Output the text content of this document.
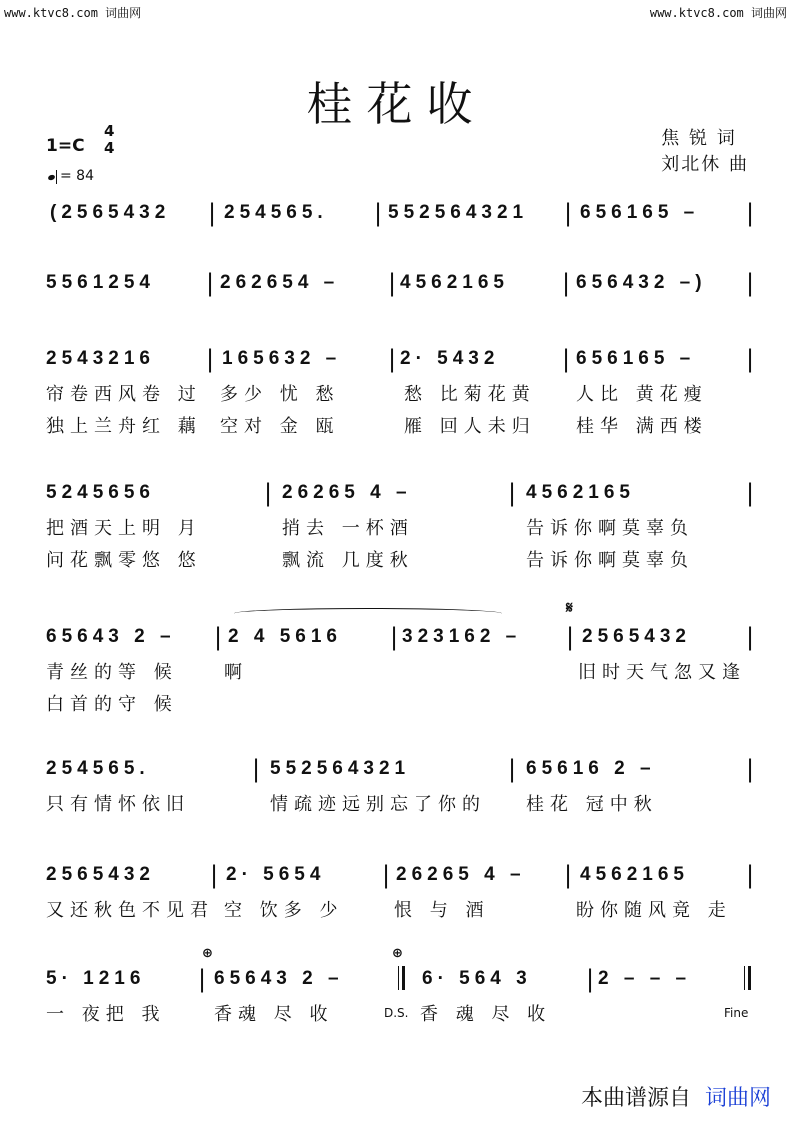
www.ktvc8.com 词曲网	www.ktvc8.com 词曲网
桂花收
焦 锐 词
刘北休 曲
1=C
4
4
= 84
(2565432 | 254565. | 552564321 | 656165 – |
5561254 | 262654 – | 4562165 | 656432 –) |
2543216 | 165632 – | 2· 5432	| 656165 – |
帘卷西风卷 过 多少 忧 愁	愁 比菊花黄 人比 黄花瘦
独上兰舟红 藕 空对 金 瓯	雁 回人未归 桂华 满西楼
5245656	| 26265 4 –	| 4562165	|
把酒天上明 月	捎去 一杯酒	告诉你啊莫辜负
问花飘零悠 悠	飘流 几度秋	告诉你啊莫辜负
𝄋
65643 2 – | 2 4 5616 | 323162 – | 2565432 |
青丝的等 候	啊	旧时天气忽又逢
白首的守 候
254565.	| 552564321	| 65616 2 –	|
只有情怀依旧	情疏迹远别忘了你的 桂花 冠中秋
2565432 | 2· 5654 | 26265 4 – | 4562165 |
又还秋色不见君 空 饮多 少	恨 与 酒	盼你随风竟 走
⊕	⊕
5· 1216 | 65643 2 –	6· 564 3 | 2 – – –
一 夜把 我	香魂 尽 收	D.S. 香 魂 尽 收	Fine
本曲谱源自 词曲网
